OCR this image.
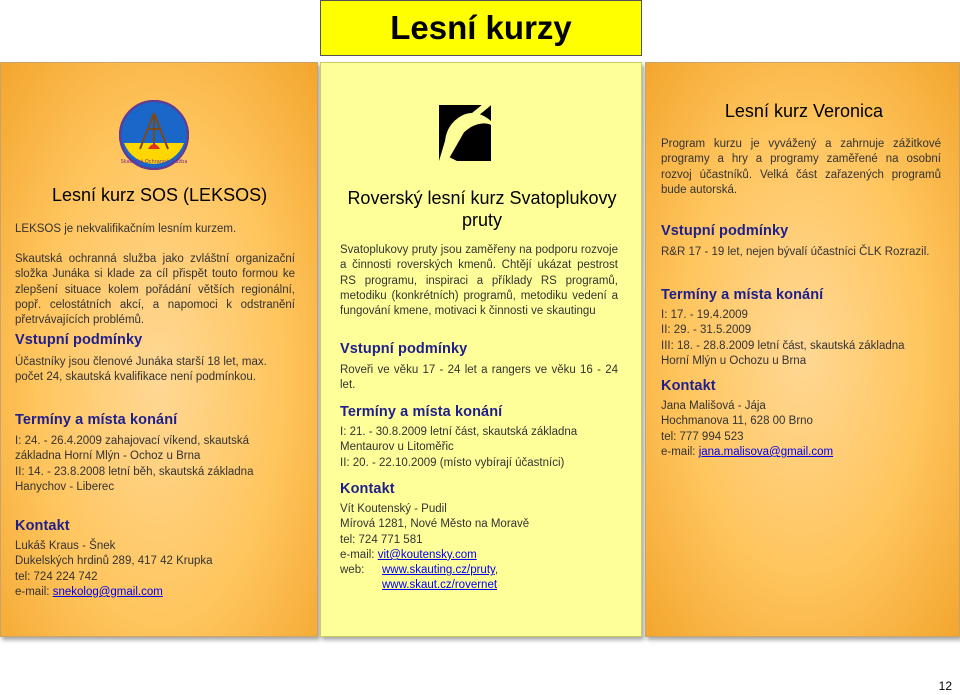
Lesní kurzy
Skautská Ochranná Služba
Lesní kurz SOS (LEKSOS)
LEKSOS je nekvalifikačním lesním kurzem.
Skautská ochranná služba jako zvláštní organizační složka Junáka si klade za cíl přispět touto formou ke zlepšení situace kolem pořádání větších regionální, popř. celostátních akcí, a napomoci k odstranění přetrvávajících problémů.
Vstupní podmínky
Účastníky jsou členové Junáka starší 18 let, max.
počet 24, skautská kvalifikace není podmínkou.
Termíny a místa konání
I: 24. - 26.4.2009 zahajovací víkend, skautská
základna Horní Mlýn - Ochoz u Brna
II: 14. - 23.8.2008 letní běh, skautská základna
Hanychov - Liberec
Kontakt
Lukáš Kraus - Šnek
Dukelských hrdinů 289, 417 42 Krupka
tel: 724 224 742
e-mail: snekolog@gmail.com
Roverský lesní kurz Svatoplukovy
pruty
Svatoplukovy pruty jsou zaměřeny na podporu rozvoje a činnosti roverských kmenů. Chtějí ukázat pestrost RS programu, inspiraci a příklady RS programů, metodiku (konkrétních) programů, metodiku vedení a fungování kmene, motivaci k činnosti ve skautingu
Vstupní podmínky
Roveři ve věku 17 - 24 let a rangers ve věku 16 - 24 let.
Termíny a místa konání
I: 21. - 30.8.2009 letní část, skautská základna
Mentaurov u Litoměřic
II: 20. - 22.10.2009 (místo vybírají účastníci)
Kontakt
Vít Koutenský - Pudil
Mírová 1281, Nové Město na Moravě
tel: 724 771 581
e-mail: vit@koutensky.com
web: www.skauting.cz/pruty,
www.skaut.cz/rovernet
Lesní kurz Veronica
Program kurzu je vyvážený a zahrnuje zážitkové programy a hry a programy zaměřené na osobní rozvoj účastníků. Velká část zařazených programů bude autorská.
Vstupní podmínky
R&R 17 - 19 let, nejen bývalí účastníci ČLK Rozrazil.
Termíny a místa konání
I: 17. - 19.4.2009
II: 29. - 31.5.2009
III: 18. - 28.8.2009 letní část, skautská základna
Horní Mlýn u Ochozu u Brna
Kontakt
Jana Mališová - Jája
Hochmanova 11, 628 00 Brno
tel: 777 994 523
e-mail: jana.malisova@gmail.com
12
